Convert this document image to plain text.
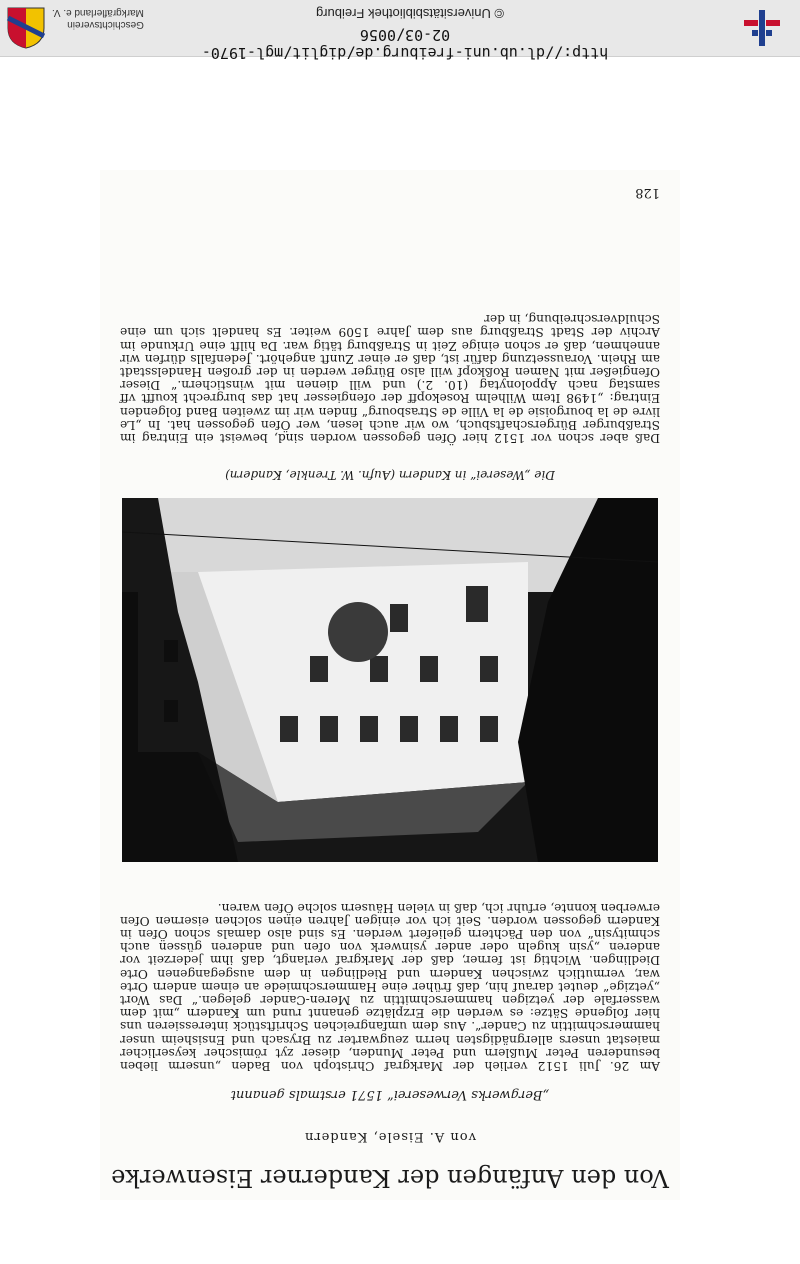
Geschichtsverein
Markgräflerland e. V.	© Universitätsbibliothek Freiburg
http://dl.ub.uni-freiburg.de/diglit/mgl-1970-02-03/0056
Von den Anfängen der Kanderner Eisenwerke
von A. Eisele, Kandern
„Bergwerks Verweserei“ 1571 erstmals genannt
Am 26. Juli 1512 verlieh der Markgraf Christoph von Baden „unserm lieben besunderen Peter Mußlern und Peter Munden, dieser zyt römischer keyserlicher maiestat unsers allergnädigsten herrn zeugwarter zu Brysach und Ensisheim unser hammerschmittin zu Cander“. Aus dem umfangreichen Schriftstück interessieren uns hier folgende Sätze: es werden die Erzplätze genannt rund um Kandern „mit dem wasserfale der yetzigen hammerschmittin zu Meren-Cander gelegen.“ Das Wort „yetzige“ deutet darauf hin, daß früher eine Hammerschmiede an einem andern Orte war, vermutlich zwischen Kandern und Riedlingen in dem ausgegangenen Orte Diedlingen. Wichtig ist ferner, daß der Markgraf verlangt, daß ihm jederzeit vor anderen „ysin kugeln oder ander ysinwerk von ofen und anderen güssen auch schmitysin“ von den Pächtern geliefert werden. Es sind also damals schon Öfen in Kandern gegossen worden. Seit ich vor einigen Jahren einen solchen eisernen Ofen erwerben konnte, erfuhr ich, daß in vielen Häusern solche Öfen waren.
Die „Weserei“ in Kandern (Aufn. W. Trenkle, Kandern)
Daß aber schon vor 1512 hier Öfen gegossen worden sind, beweist ein Eintrag im Straßburger Bürgerschaftsbuch, wo wir auch lesen, wer Öfen gegossen hat. In „Le livre de la bourgoisie de la Ville de Strasbourg“ finden wir im zweiten Band folgenden Eintrag: „1498 Item Wilhelm Rosekopff der ofengiesser hat das burgrecht koufft vff samstag nach Appolonytag (10. 2.) und will dienen mit winstichern.“ Dieser Ofengießer mit Namen Roßkopf will also Bürger werden in der großen Handelsstadt am Rhein. Voraussetzung dafür ist, daß er einer Zunft angehört. Jedenfalls dürfen wir annehmen, daß er schon einige Zeit in Straßburg tätig war. Da hilft eine Urkunde im Archiv der Stadt Straßburg aus dem Jahre 1509 weiter. Es handelt sich um eine Schuldverschreibung, in der
128
